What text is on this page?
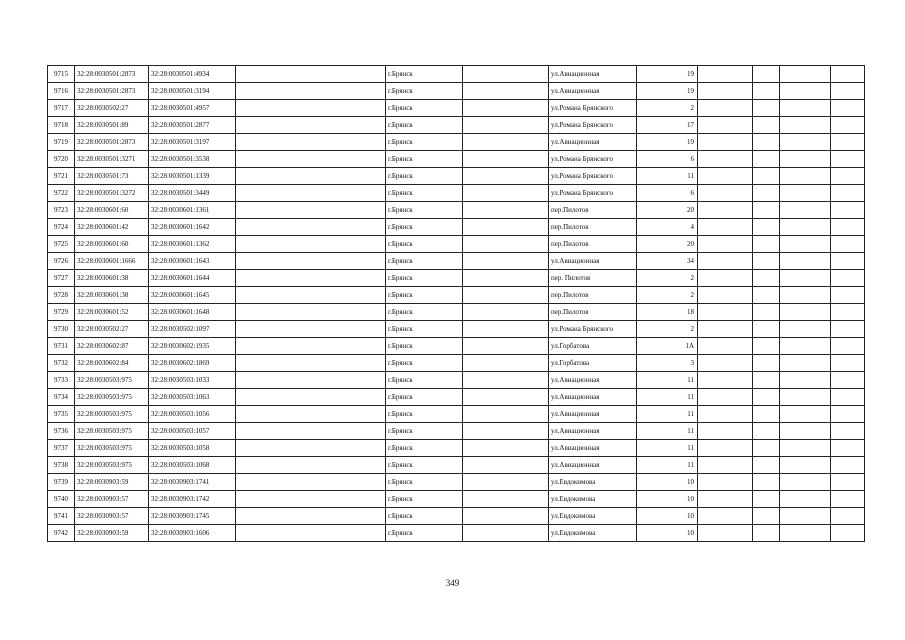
9715	32:28:0030501:2873	32:28:0030501:4934		г.Брянск		ул.Авиационная	19				
9716	32:28:0030501:2873	32:28:0030501:3194		г.Брянск		ул.Авиационная	19				
9717	32:28:0030502:27	32:28:0030501:4957		г.Брянск		ул.Романа Брянского	2				
9718	32:28:0030501:89	32:28:0030501:2877		г.Брянск		ул.Романа Брянского	17				
9719	32:28:0030501:2873	32:28:0030501:3197		г.Брянск		ул.Авиационная	19				
9720	32:28:0030501:3271	32:28:0030501:3538		г.Брянск		ул.Романа Брянского	6				
9721	32:28:0030501:73	32:28:0030501:1339		г.Брянск		ул.Романа Брянского	11				
9722	32:28:0030501:3272	32:28:0030501:3449		г.Брянск		ул.Романа Брянского	6				
9723	32:28:0030601:60	32:28:0030601:1361		г.Брянск		пер.Пилотов	20				
9724	32:28:0030601:42	32:28:0030601:1642		г.Брянск		пер.Пилотов	4				
9725	32:28:0030601:60	32:28:0030601:1362		г.Брянск		пер.Пилотов	20				
9726	32:28:0030601:1666	32:28:0030601:1643		г.Брянск		ул.Авиационная	34				
9727	32:28:0030601:38	32:28:0030601:1644		г.Брянск		пер. Пилотов	2				
9728	32:28:0030601:38	32:28:0030601:1645		г.Брянск		пер.Пилотов	2				
9729	32:28:0030601:52	32:28:0030601:1648		г.Брянск		пер.Пилотов	18				
9730	32:28:0030502:27	32:28:0030502:1097		г.Брянск		ул.Романа Брянского	2				
9731	32:28:0030602:87	32:28:0030602:1935		г.Брянск		ул.Горбатова	1А				
9732	32:28:0030602:84	32:28:0030602:1869		г.Брянск		ул.Горбатова	3				
9733	32:28:0030503:975	32:28:0030503:1033		г.Брянск		ул.Авиационная	11				
9734	32:28:0030503:975	32:28:0030503:1063		г.Брянск		ул.Авиационная	11				
9735	32:28:0030503:975	32:28:0030503:1056		г.Брянск		ул.Авиационная	11				
9736	32:28:0030503:975	32:28:0030503:1057		г.Брянск		ул.Авиационная	11				
9737	32:28:0030503:975	32:28:0030503:1058		г.Брянск		ул.Авиационная	11				
9738	32:28:0030503:975	32:28:0030503:1068		г.Брянск		ул.Авиационная	11				
9739	32:28:0030903:59	32:28:0030903:1741		г.Брянск		ул.Евдокимова	10				
9740	32:28:0030903:57	32:28:0030903:1742		г.Брянск		ул.Евдокимова	10				
9741	32:28:0030903:57	32:28:0030903:1745		г.Брянск		ул.Евдокимова	10				
9742	32:28:0030903:59	32:28:0030903:1606		г.Брянск		ул.Евдокимова	10				
349
